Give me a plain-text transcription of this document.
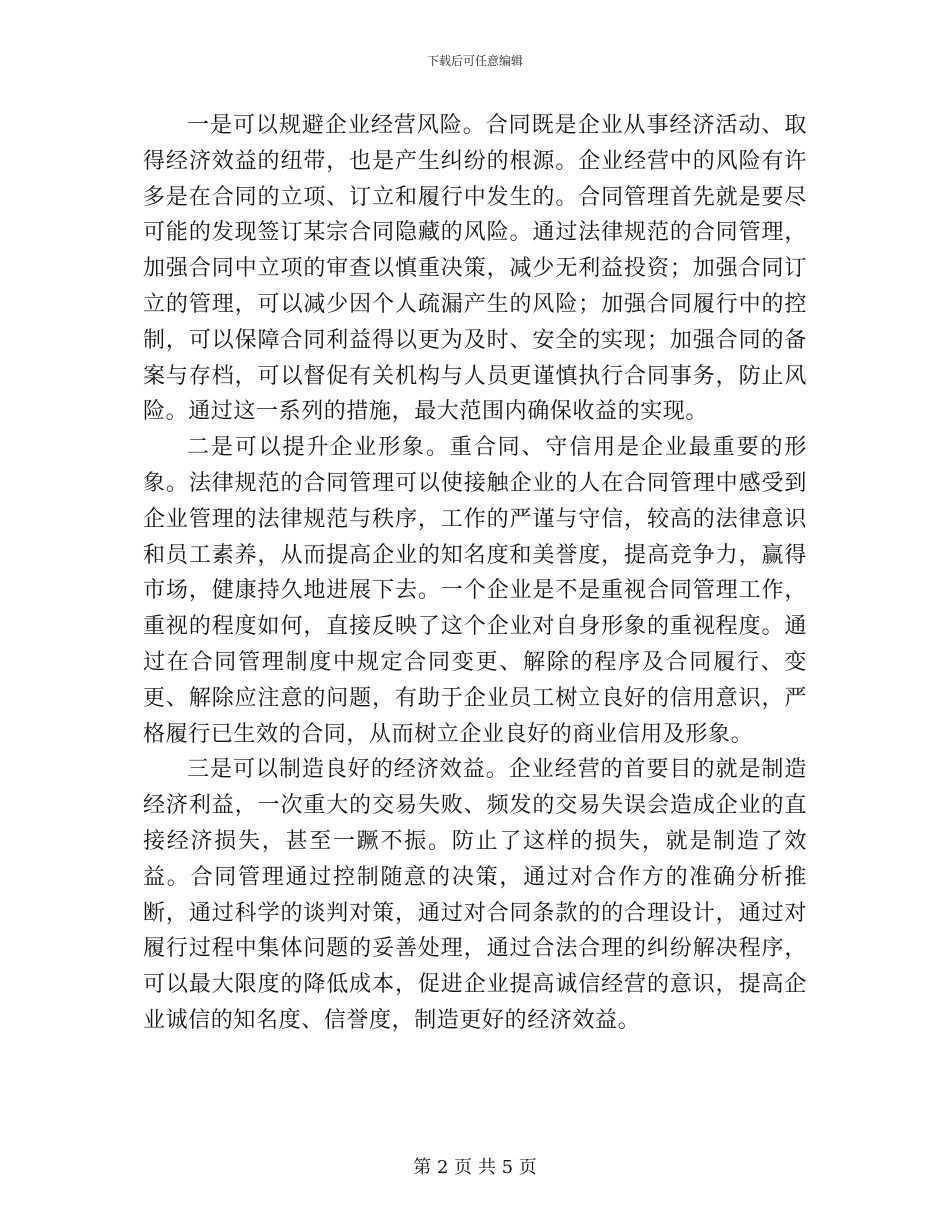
下载后可任意编辑

一是可以规避企业经营风险。合同既是企业从事经济活动、取得经济效益的纽带，也是产生纠纷的根源。企业经营中的风险有许多是在合同的立项、订立和履行中发生的。合同管理首先就是要尽可能的发现签订某宗合同隐藏的风险。通过法律规范的合同管理，加强合同中立项的审查以慎重决策，减少无利益投资；加强合同订立的管理，可以减少因个人疏漏产生的风险；加强合同履行中的控制，可以保障合同利益得以更为及时、安全的实现；加强合同的备案与存档，可以督促有关机构与人员更谨慎执行合同事务，防止风险。通过这一系列的措施，最大范围内确保收益的实现。

二是可以提升企业形象。重合同、守信用是企业最重要的形象。法律规范的合同管理可以使接触企业的人在合同管理中感受到企业管理的法律规范与秩序，工作的严谨与守信，较高的法律意识和员工素养，从而提高企业的知名度和美誉度，提高竞争力，赢得市场，健康持久地进展下去。一个企业是不是重视合同管理工作，重视的程度如何，直接反映了这个企业对自身形象的重视程度。通过在合同管理制度中规定合同变更、解除的程序及合同履行、变更、解除应注意的问题，有助于企业员工树立良好的信用意识，严格履行已生效的合同，从而树立企业良好的商业信用及形象。

三是可以制造良好的经济效益。企业经营的首要目的就是制造经济利益，一次重大的交易失败、频发的交易失误会造成企业的直接经济损失，甚至一蹶不振。防止了这样的损失，就是制造了效益。合同管理通过控制随意的决策，通过对合作方的准确分析推断，通过科学的谈判对策，通过对合同条款的的合理设计，通过对履行过程中集体问题的妥善处理，通过合法合理的纠纷解决程序，可以最大限度的降低成本，促进企业提高诚信经营的意识，提高企业诚信的知名度、信誉度，制造更好的经济效益。

第 2 页 共 5 页
